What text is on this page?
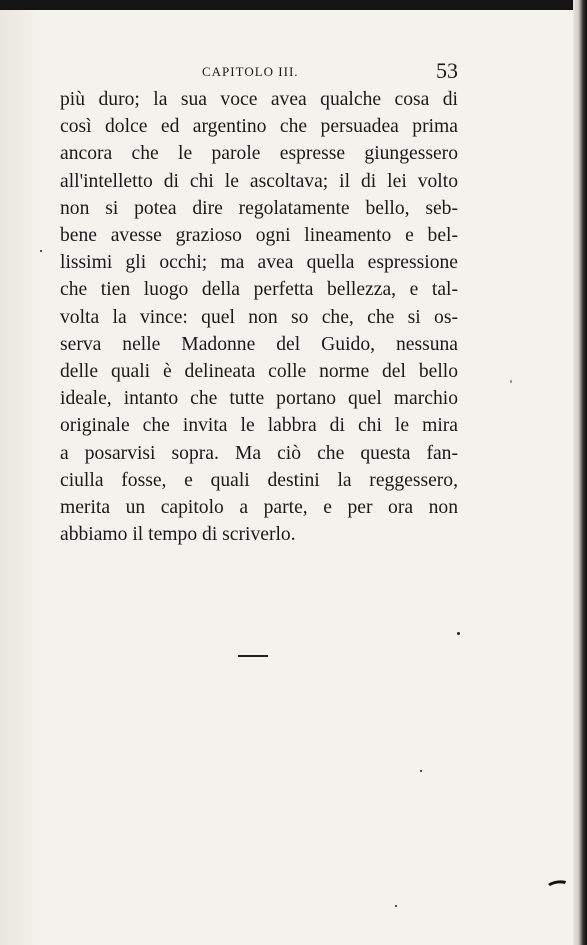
CAPITOLO III.	53
più duro; la sua voce avea qualche cosa di
così dolce ed argentino che persuadea prima
ancora che le parole espresse giungessero
all'intelletto di chi le ascoltava; il di lei volto
non si potea dire regolatamente bello, seb-
bene avesse grazioso ogni lineamento e bel-
lissimi gli occhi; ma avea quella espressione
che tien luogo della perfetta bellezza, e tal-
volta la vince: quel non so che, che si os-
serva nelle Madonne del Guido, nessuna
delle quali è delineata colle norme del bello
ideale, intanto che tutte portano quel marchio
originale che invita le labbra di chi le mira
a posarvisi sopra. Ma ciò che questa fan-
ciulla fosse, e quali destini la reggessero,
merita un capitolo a parte, e per ora non
abbiamo il tempo di scriverlo.
